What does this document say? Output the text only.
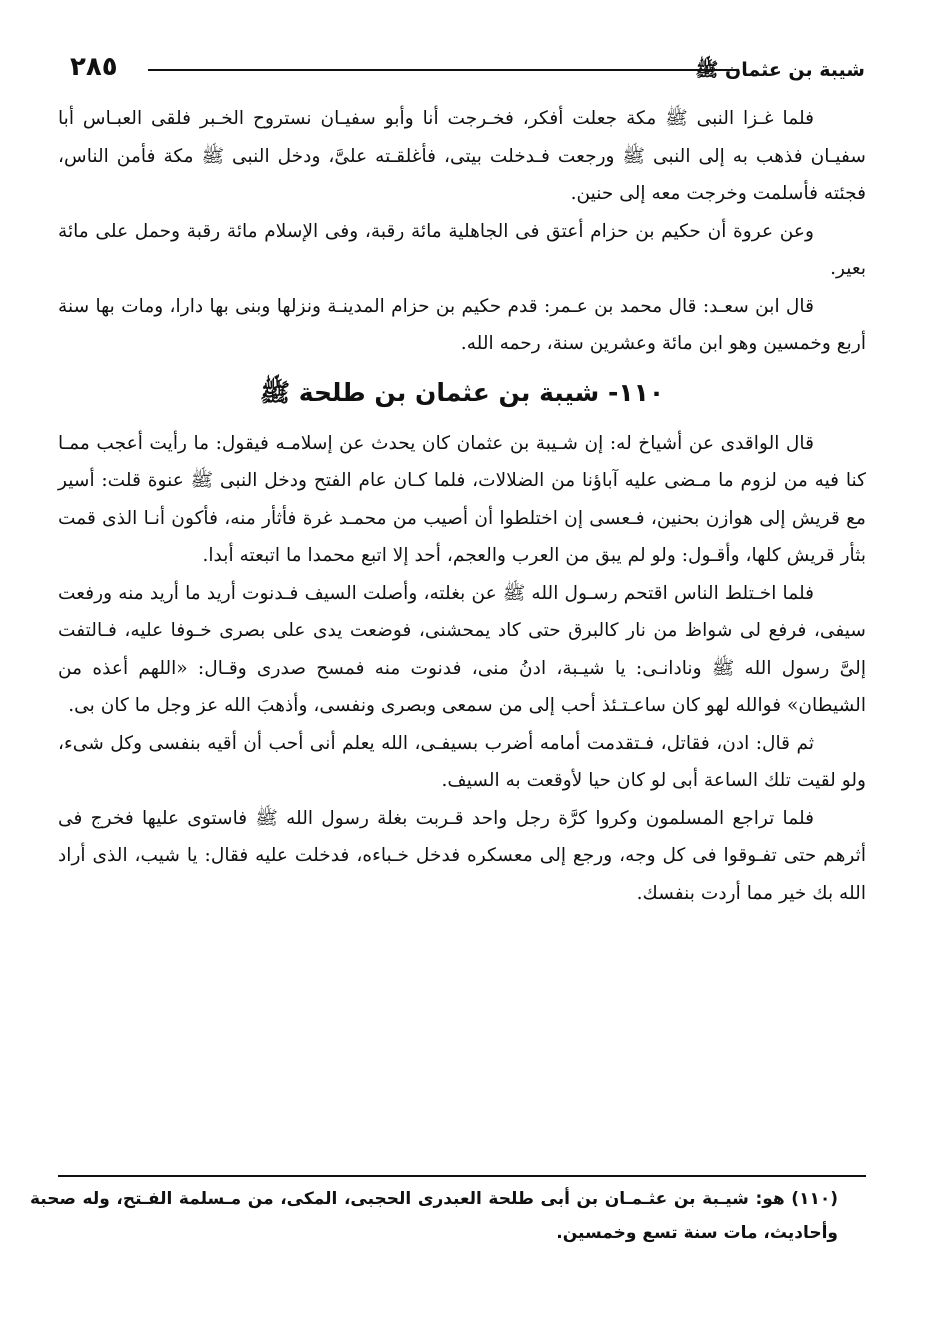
٢٨٥	شيبة بن عثمان ﷺ

فلما غـزا النبى ﷺ مكة جعلت أفكر، فخـرجت أنا وأبو سفيـان نستروح الخـبر فلقى العبـاس أبا سفيـان فذهب به إلى النبى ﷺ ورجعت فـدخلت بيتى، فأغلقـته علىَّ، ودخل النبى ﷺ مكة فأمن الناس، فجئته فأسلمت وخرجت معه إلى حنين.

وعن عروة أن حكيم بن حزام أعتق فى الجاهلية مائة رقبة، وفى الإسلام مائة رقبة وحمل على مائة بعير.

قال ابن سعـد: قال محمد بن عـمر: قدم حكيم بن حزام المدينـة ونزلها وبنى بها دارا، ومات بها سنة أربع وخمسين وهو ابن مائة وعشرين سنة، رحمه الله.

١١٠- شيبة بن عثمان بن طلحة ﷺ

قال الواقدى عن أشياخ له: إن شـيبة بن عثمان كان يحدث عن إسلامـه فيقول: ما رأيت أعجب ممـا كنا فيه من لزوم ما مـضى عليه آباؤنا من الضلالات، فلما كـان عام الفتح ودخل النبى ﷺ عنوة قلت: أسير مع قريش إلى هوازن بحنين، فـعسى إن اختلطوا أن أصيب من محمـد غرة فأثأر منه، فأكون أنـا الذى قمت بثأر قريش كلها، وأقـول: ولو لم يبق من العرب والعجم، أحد إلا اتبع محمدا ما اتبعته أبدا.

فلما اخـتلط الناس اقتحم رسـول الله ﷺ عن بغلته، وأصلت السيف فـدنوت أريد ما أريد منه ورفعت سيفى، فرفع لى شواظ من نار كالبرق حتى كاد يمحشنى، فوضعت يدى على بصرى خـوفا عليه، فـالتفت إلىَّ رسول الله ﷺ ونادانـى: يا شيـبة، ادنُ منى، فدنوت منه فمسح صدرى وقـال: «اللهم أعذه من الشيطان» فوالله لهو كان ساعـتـئذ أحب إلى من سمعى وبصرى ونفسى، وأذهبَ الله عز وجل ما كان بى.

ثم قال: ادن، فقاتل، فـتقدمت أمامه أضرب بسيفـى، الله يعلم أنى أحب أن أقيه بنفسى وكل شىء، ولو لقيت تلك الساعة أبى لو كان حيا لأوقعت به السيف.

فلما تراجع المسلمون وكروا كرَّة رجل واحد قـربت بغلة رسول الله ﷺ فاستوى عليها فخرج فى أثرهم حتى تفـوقوا فى كل وجه، ورجع إلى معسكره فدخل خـباءه، فدخلت عليه فقال: يا شيب، الذى أراد الله بك خير مما أردت بنفسك.

(١١٠) هو: شيـبة بن عثـمـان بن أبى طلحة العبدرى الحجبى، المكى، من مـسلمة الفـتح، وله صحبة وأحاديث، مات سنة تسع وخمسين.
